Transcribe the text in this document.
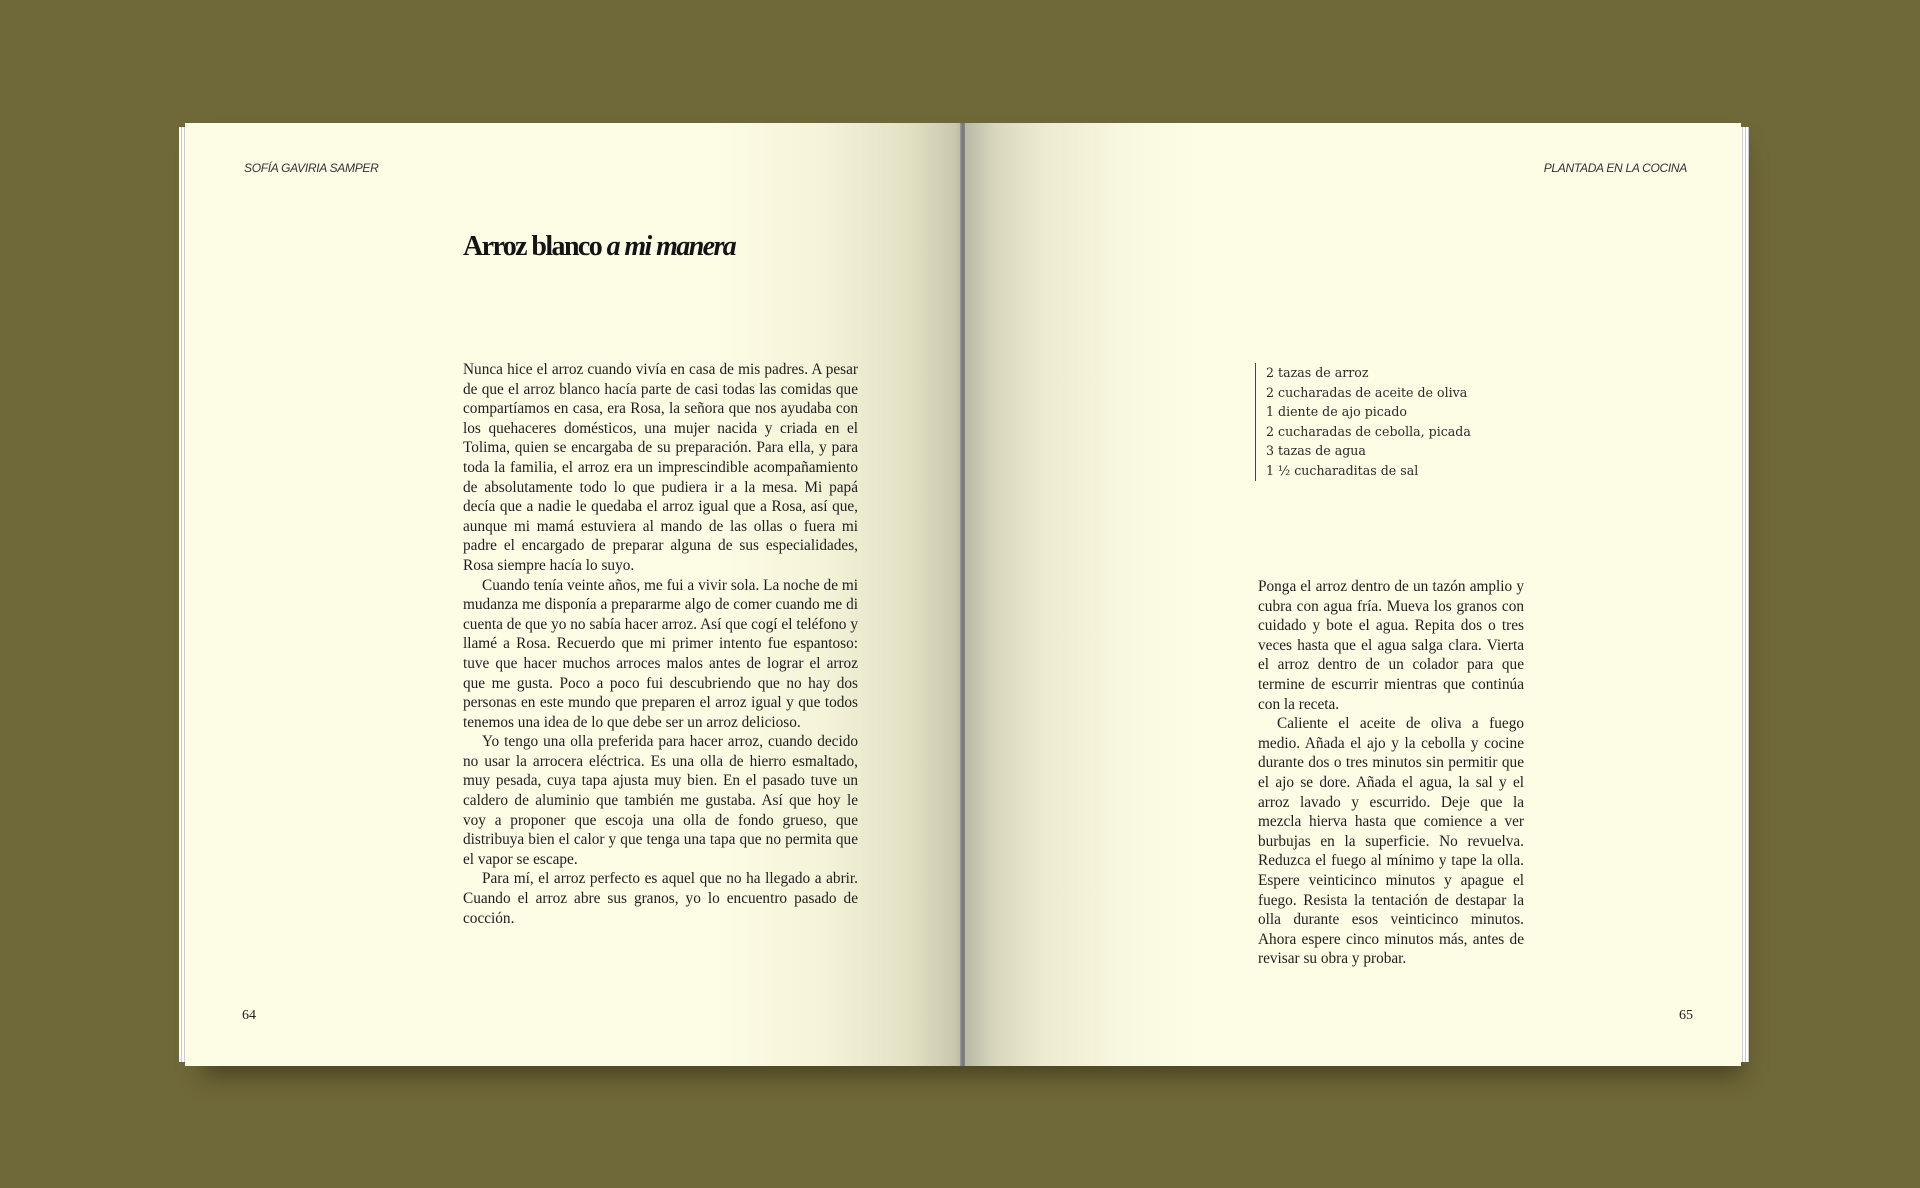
SOFÍA GAVIRIA SAMPER
Arroz blanco a mi manera

Nunca hice el arroz cuando vivía en casa de mis padres. A pesar de que el arroz blanco hacía parte de casi todas las comidas que compartíamos en casa, era Rosa, la señora que nos ayudaba con los quehaceres domésticos, una mujer nacida y criada en el Tolima, quien se encargaba de su preparación. Para ella, y para toda la familia, el arroz era un imprescindible acompañamiento de absolutamente todo lo que pudiera ir a la mesa. Mi papá decía que a nadie le quedaba el arroz igual que a Rosa, así que, aunque mi mamá estuviera al mando de las ollas o fuera mi padre el encargado de preparar alguna de sus especialidades, Rosa siempre hacía lo suyo.

Cuando tenía veinte años, me fui a vivir sola. La noche de mi mudanza me disponía a prepararme algo de comer cuando me di cuenta de que yo no sabía hacer arroz. Así que cogí el teléfono y llamé a Rosa. Recuerdo que mi primer intento fue espantoso: tuve que hacer muchos arroces malos antes de lograr el arroz que me gusta. Poco a poco fui descubriendo que no hay dos personas en este mundo que preparen el arroz igual y que todos tenemos una idea de lo que debe ser un arroz delicioso.

Yo tengo una olla preferida para hacer arroz, cuando decido no usar la arrocera eléctrica. Es una olla de hierro esmaltado, muy pesada, cuya tapa ajusta muy bien. En el pasado tuve un caldero de aluminio que también me gustaba. Así que hoy le voy a proponer que escoja una olla de fondo grueso, que distribuya bien el calor y que tenga una tapa que no permita que el vapor se escape.

Para mí, el arroz perfecto es aquel que no ha llegado a abrir. Cuando el arroz abre sus granos, yo lo encuentro pasado de cocción.

64
PLANTADA EN LA COCINA
2 tazas de arroz
2 cucharadas de aceite de oliva
1 diente de ajo picado
2 cucharadas de cebolla, picada
3 tazas de agua
1 ½ cucharaditas de sal

Ponga el arroz dentro de un tazón amplio y cubra con agua fría. Mueva los granos con cuidado y bote el agua. Repita dos o tres veces hasta que el agua salga clara. Vierta el arroz dentro de un colador para que termine de escurrir mientras que continúa con la receta.

Caliente el aceite de oliva a fuego medio. Añada el ajo y la cebolla y cocine durante dos o tres minutos sin permitir que el ajo se dore. Añada el agua, la sal y el arroz lavado y escurrido. Deje que la mezcla hierva hasta que comience a ver burbujas en la superficie. No revuelva. Reduzca el fuego al mínimo y tape la olla. Espere veinticinco minutos y apague el fuego. Resista la tentación de destapar la olla durante esos veinticinco minutos. Ahora espere cinco minutos más, antes de revisar su obra y probar.

65
